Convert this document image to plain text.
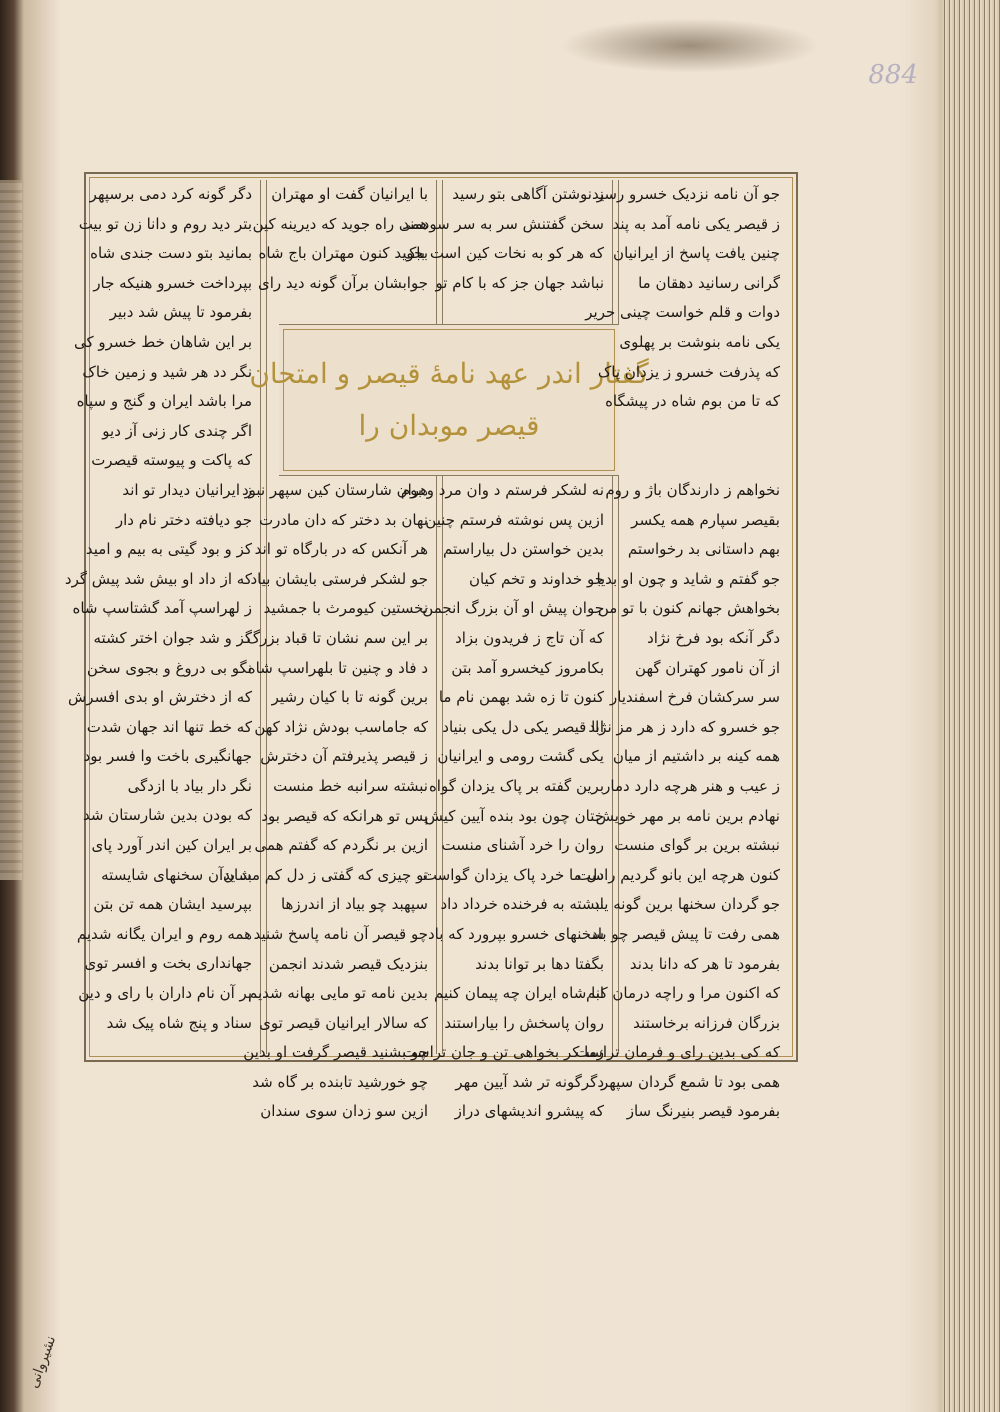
884
جو آن نامه نزدیک خسرو رسید
ز قیصر یکی نامه آمد به پند
چنین یافت پاسخ از ایرانیان
گرانی رسانید دهقان ما
دوات و قلم خواست چینی حریر
ز نوشتن آگاهی بتو رسید
سخن گفتنش سر به سر سودمند
که هر کو به نخات کین است باک
نباشد جهان جز که با کام تو
با ایرانیان گفت او مهتران
همی راه جوید که دیرینه کین
بجوید کنون مهتران باج شاه
جوابشان برآن گونه دید رای
گفتار اندر عهد نامهٔ قیصر و امتحان
قیصر موبدان را
یکی نامه بنوشت بر پهلوی
که پذرفت خسرو ز یزدان پاک
که تا من بوم شاه در پیشگاه
نخواهم ز دارندگان باژ و روم
بقیصر سپارم همه یکسر
بهم داستانی بد رخواستم
جو گفتم و شاید و چون او بدیا
بخواهش جهانم کنون با تو من
دگر آنکه بود فرخ نژاد
از آن نامور کهتران گهن
سر سرکشان فرخ اسفندیار
جو خسرو که دارد ز هر مز نژاد
همه کینه بر داشتیم از میان
ز عیب و هنر هرچه دارد دمار
نهادم برین نامه بر مهر خویش
نبشته برین بر گوای منست
کنون هرچه این بانو گردیم راست
جو گردان سخنها برین گونه یاد
همی رفت تا پیش قیصر چو باد
بفرمود تا هر که دانا بدند
که اکنون مرا و راچه درمان کنم
بزرگان فرزانه برخاستند
که کی بدین رای و فرمان تراست
همی بود تا شمع گردان سپهر
بفرمود قیصر بنیرنگ ساز
نه لشکر فرستم د وان مرد و بوم
ازین پس نوشته فرستم چنین
بدین خواستن دل بیاراستم
جو خداوند و تخم کیان
جوان پیش او آن بزرگ انجمن
که آن تاج ز فریدون بزاد
بکامروز کیخسرو آمد بتن
کنون تا زه شد بهمن نام ما
ابا قیصر یکی دل یکی بنیاد
یکی گشت رومی و ایرانیان
برین گفته بر پاک یزدان گواه
ختان چون بود بنده آیین کیش
روان را خرد آشنای منست
دل ما خرد پاک یزدان گواست
نبشته به فرخنده خرداد داد
سخنهای خسرو بپرورد که باد
بگفتا دها بر توانا بدند
ابا شاه ایران چه پیمان کنیم
روان پاسخش را بیاراستند
زما کر بخواهی تن و جان تراست
دگرگونه تر شد آیین مهر
که پیشرو اندیشهای دراز
هران شارستان کین سپهر نبود
نهان بد دختر که دان مادرت
هر آنکس که در بارگاه تو اند
جو لشکر فرستی بایشان بیاد
نخستین کیومرث با جمشید
بر این سم نشان تا قباد بزرگ
د فاد و چنین تا بلهراسپ شاه
برین گونه تا با کیان رشیر
که جاماسب بودش نژاد کهن
ز قیصر پذیرفتم آن دخترش
نبشته سرانبه خط منست
پس تو هرانکه که قیصر بود
ازین بر نگردم که گفتم همی
تو چیزی که گفتی ز دل کم مشان
سپهبد چو بیاد از اندرزها
چو قیصر آن نامه پاسخ شنید
بنزدیک قیصر شدند انجمن
بدین نامه تو مایی بهانه شدیم
که سالار ایرانیان قیصر توی
چو بشنید قیصر گرفت او بدین
چو خورشید تابنده بر گاه شد
ازین سو زدان سوی سندان
دگر گونه کرد دمی برسپهر
بتر دید روم و دانا زن تو بیت
بمانید بتو دست جندی شاه
بپرداخت خسرو هنیکه جار
بفرمود تا پیش شد دبیر
بر این شاهان خط خسرو کی
نگر دد هر شید و زمین خاک
مرا باشد ایران و گنج و سپاه
اگر چندی کار زنی آز دیو
که پاکت و پیوسته قیصرت
ز ایرانیان دیدار تو اند
جو دیافته دختر نام دار
کز و بود گیتی به بیم و امید
که از داد او بیش شد پیش گرد
ز لهراسپ آمد گشتاسپ شاه
گز و شد جوان اختر کشته
نگو بی دروغ و بجوی سخن
که از دخترش او بدی افسرش
که خط تنها اند جهان شدت
جهانگیری باخت وا فسر بود
نگر دار بیاد با ازدگی
که بودن بدین شارستان شد
بر ایران کین اندر آورد پای
بد یدآن سخنهای شایسته
بپرسید ایشان همه تن بتن
همه روم و ایران یگانه شدیم
جهانداری بخت و افسر توی
بر آن نام داران با رای و دین
سناد و پنج شاه پیک شد
نشیروانی
